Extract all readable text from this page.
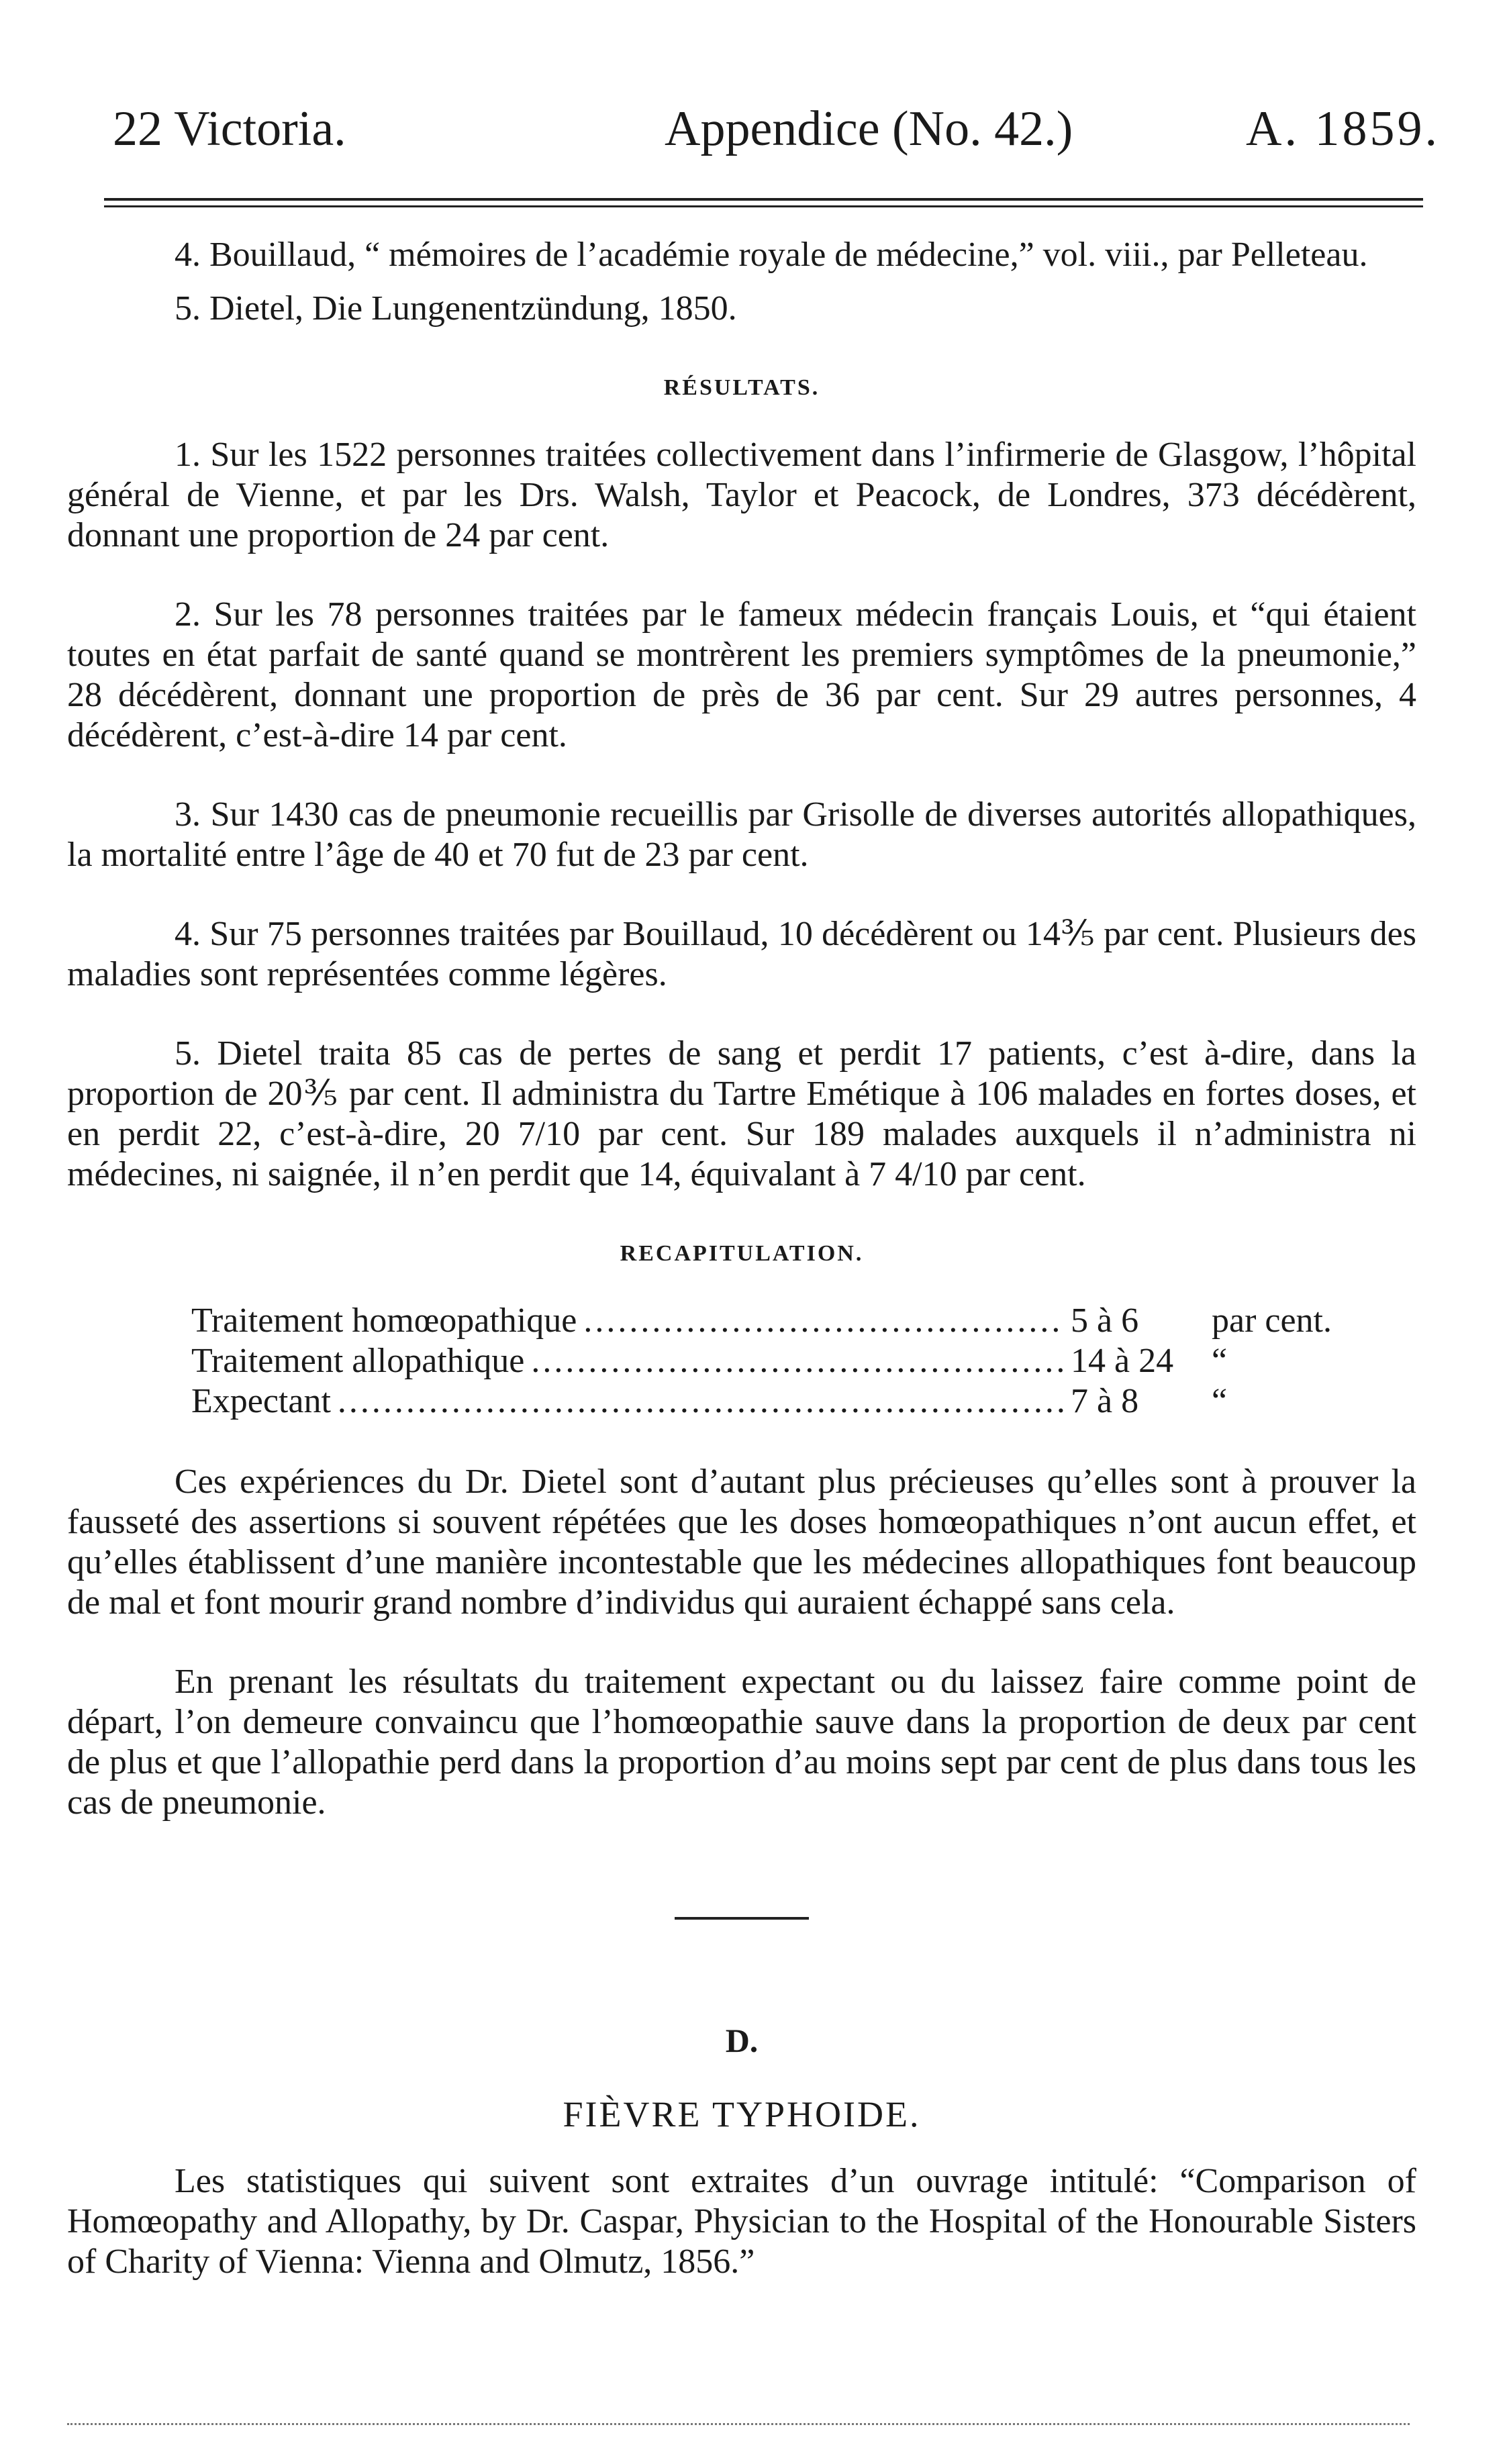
22 Victoria.	Appendice (No. 42.)	A. 1859.

4. Bouillaud, “ mémoires de l’académie royale de médecine,” vol. viii., par Pelleteau.

5. Dietel, Die Lungenentzündung, 1850.

RÉSULTATS.

1. Sur les 1522 personnes traitées collectivement dans l’infirmerie de Glasgow, l’hôpital général de Vienne, et par les Drs. Walsh, Taylor et Peacock, de Londres, 373 décédèrent, donnant une proportion de 24 par cent.

2. Sur les 78 personnes traitées par le fameux médecin français Louis, et “qui étaient toutes en état parfait de santé quand se montrèrent les premiers symptômes de la pneumonie,” 28 décédèrent, donnant une proportion de près de 36 par cent. Sur 29 autres personnes, 4 décédèrent, c’est-à-dire 14 par cent.

3. Sur 1430 cas de pneumonie recueillis par Grisolle de diverses autorités allopathiques, la mortalité entre l’âge de 40 et 70 fut de 23 par cent.

4. Sur 75 personnes traitées par Bouillaud, 10 décédèrent ou 14⅗ par cent. Plusieurs des maladies sont représentées comme légères.

5. Dietel traita 85 cas de pertes de sang et perdit 17 patients, c’est à-dire, dans la proportion de 20⅗ par cent. Il administra du Tartre Emétique à 106 malades en fortes doses, et en perdit 22, c’est-à-dire, 20 7/10 par cent. Sur 189 malades auxquels il n’administra ni médecines, ni saignée, il n’en perdit que 14, équivalant à 7 4/10 par cent.

RECAPITULATION.

Traitement homœopathique .....	5 à 6	par cent.
Traitement allopathique .....	14 à 24	“
Expectant .....	7 à 8	“

Ces expériences du Dr. Dietel sont d’autant plus précieuses qu’elles sont à prouver la fausseté des assertions si souvent répétées que les doses homœopathiques n’ont aucun effet, et qu’elles établissent d’une manière incontestable que les médecines allopathiques font beaucoup de mal et font mourir grand nombre d’individus qui auraient échappé sans cela.

En prenant les résultats du traitement expectant ou du laissez faire comme point de départ, l’on demeure convaincu que l’homœopathie sauve dans la proportion de deux par cent de plus et que l’allopathie perd dans la proportion d’au moins sept par cent de plus dans tous les cas de pneumonie.

D.

FIÈVRE TYPHOIDE.

Les statistiques qui suivent sont extraites d’un ouvrage intitulé: “Comparison of Homœopathy and Allopathy, by Dr. Caspar, Physician to the Hospital of the Honourable Sisters of Charity of Vienna: Vienna and Olmutz, 1856.”
